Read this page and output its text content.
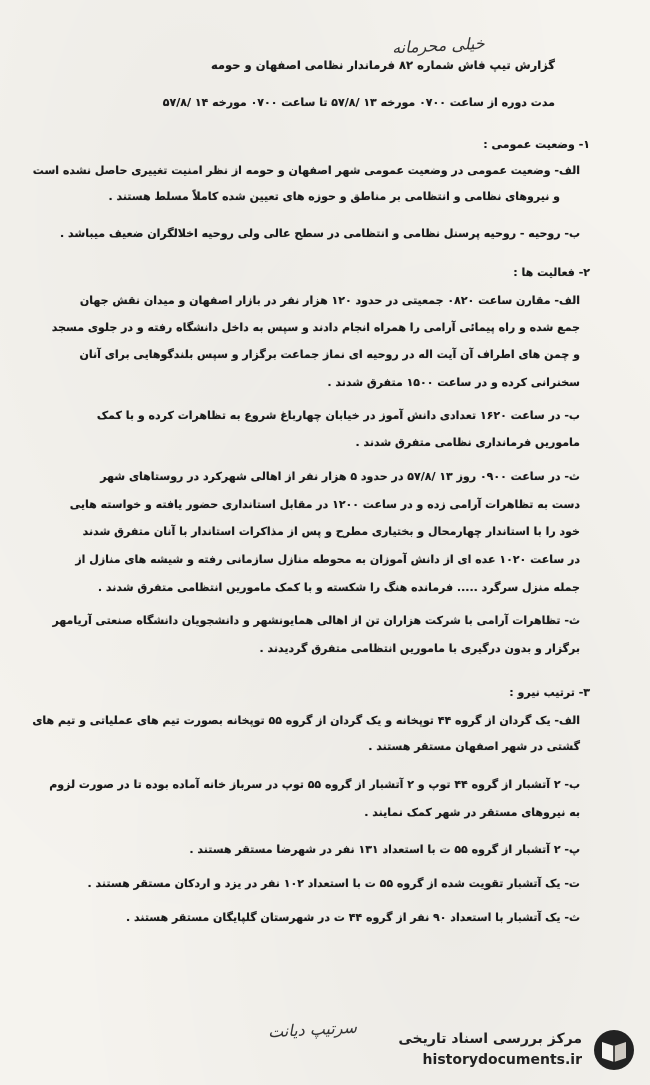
خیلی محرمانه
گزارش تیپ فاش شماره ۸۲ فرماندار نظامی اصفهان و حومه
مدت دوره از ساعت ۰۷۰۰ مورخه ۱۳ /۵۷/۸ تا ساعت ۰۷۰۰ مورخه ۱۴ /۵۷/۸
۱- وضعیت عمومی :
الف- وضعیت عمومی در وضعیت عمومی شهر اصفهان و حومه از نظر امنیت تغییری حاصل نشده است
و نیروهای نظامی و انتظامی بر مناطق و حوزه های تعیین شده کاملاً مسلط هستند .
ب- روحیه - روحیه پرسنل نظامی و انتظامی در سطح عالی ولی روحیه اخلالگران ضعیف میباشد .
۲- فعالیت ها :
الف- مقارن ساعت ۰۸۲۰ جمعیتی در حدود ۱۲۰ هزار نفر در بازار اصفهان و میدان نقش جهان
جمع شده و راه پیمائی آرامی را همراه انجام دادند و سپس به داخل دانشگاه رفته و در جلوی مسجد
و چمن های اطراف آن آیت اله در روحیه ای نماز جماعت برگزار و سپس بلندگوهایی برای آنان
سخنرانی کرده و در ساعت ۱۵۰۰ متفرق شدند .
ب- در ساعت ۱۶۲۰ تعدادی دانش آموز در خیابان چهارباغ شروع به تظاهرات کرده و با کمک
ماموریں فرمانداری نظامی متفرق شدند .
ث- در ساعت ۰۹۰۰ روز ۱۳ /۵۷/۸ در حدود ۵ هزار نفر از اهالی شهرکرد در روستاهای شهر
دست به تظاهرات آرامی زده و در ساعت ۱۲۰۰ در مقابل استانداری حضور یافته و خواسته هایی
خود را با استاندار چهارمحال و بختیاری مطرح و پس از مذاکرات استاندار با آنان متفرق شدند
در ساعت ۱۰۲۰ عده ای از دانش آموزان به محوطه منازل سازمانی رفته و شیشه های منازل از
جمله منزل سرگرد ..... فرمانده هنگ را شکسته و با کمک ماموریں انتظامی متفرق شدند .
ث- تظاهرات آرامی با شرکت هزاران تن از اهالی همایونشهر و دانشجویان دانشگاه صنعتی آریامهر
برگزار و بدون درگیری با ماموریں انتظامی متفرق گردیدند .
۳- ترتیب نیرو :
الف- یک گردان از گروه ۴۴ توپخانه و یک گردان از گروه ۵۵ توپخانه بصورت تیم های عملیاتی و تیم های
گشتی در شهر اصفهان مستقر هستند .
ب- ۲ آتشبار از گروه ۴۴ توپ و ۲ آتشبار از گروه ۵۵ توپ در سرباز خانه آماده بوده تا در صورت لزوم
به نیروهای مستقر در شهر کمک نمایند .
پ- ۲ آتشبار از گروه ۵۵ ت با استعداد ۱۳۱ نفر در شهرضا مستقر هستند .
ت- یک آتشبار تقویت شده از گروه ۵۵ ت با استعداد ۱۰۲ نفر در یزد و اردکان مستقر هستند .
ث- یک آتشبار با استعداد ۹۰ نفر از گروه ۴۴ ت در شهرستان گلپایگان مستقر هستند .
سرتیپ دیانت	مرکز بررسی اسناد تاریخی
historydocuments.ir
